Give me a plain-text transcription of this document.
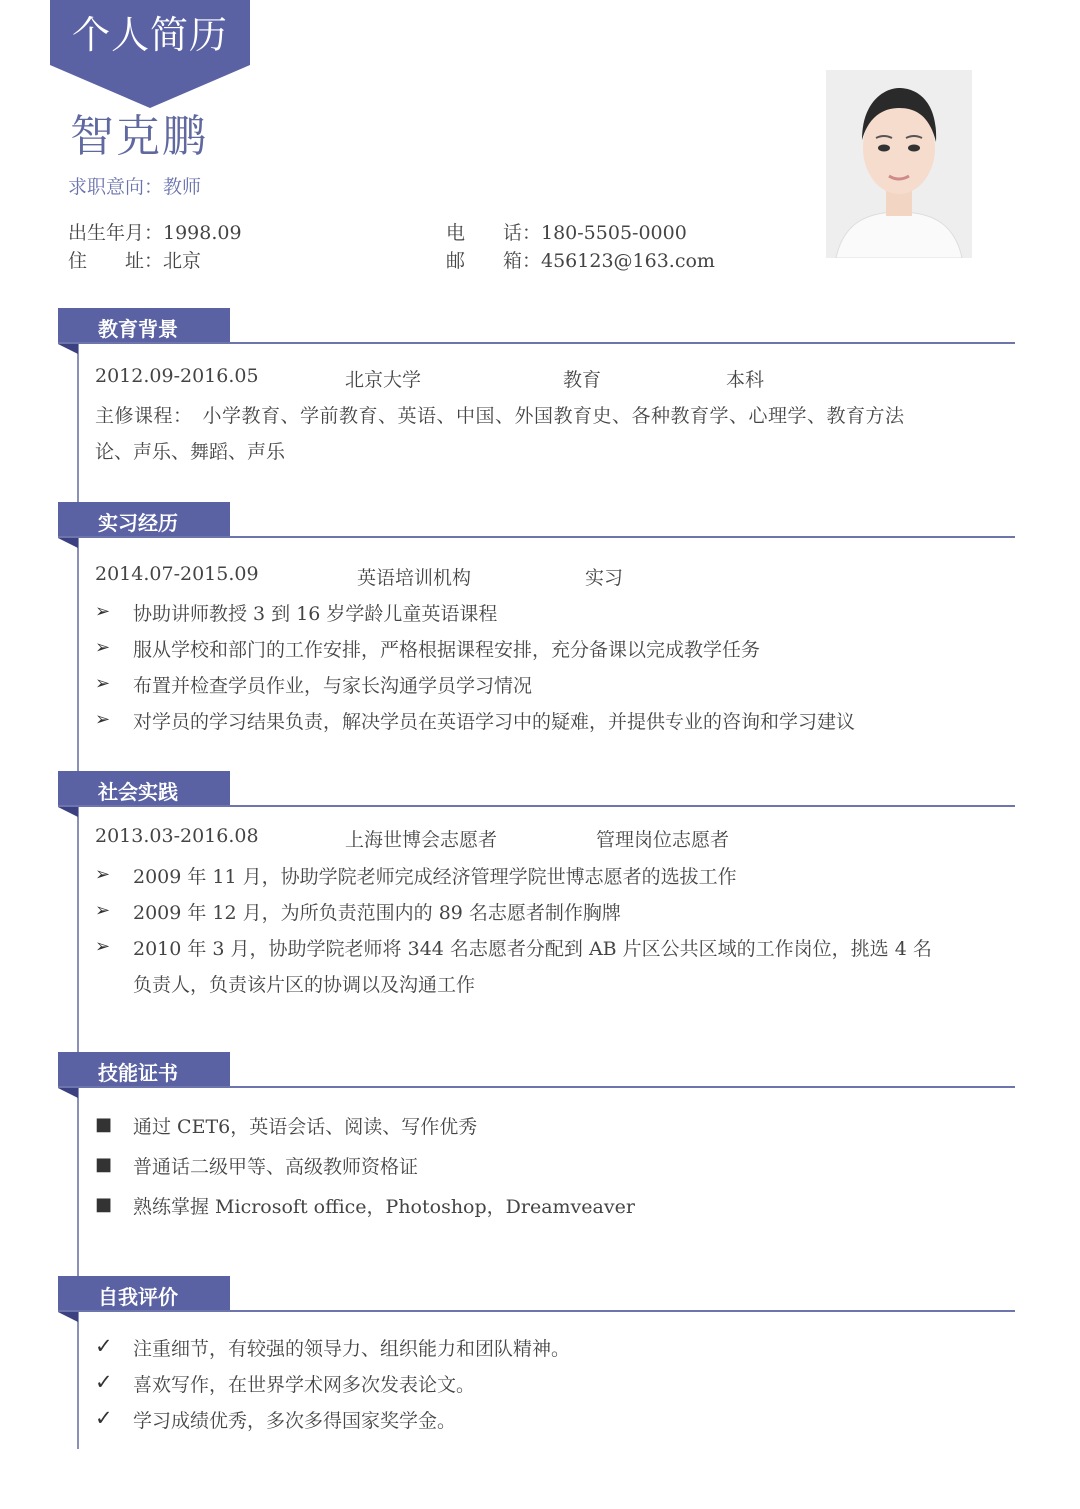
个人简历
智克鹏
求职意向：教师
出生年月：1998.09
住　　址：北京
电　　话：180-5505-0000
邮　　箱：456123@163.com
教育背景
2012.09-2016.05	北京大学	教育	本科
主修课程：　小学教育、学前教育、英语、中国、外国教育史、各种教育学、心理学、教育方法
论、声乐、舞蹈、声乐
实习经历
2014.07-2015.09	英语培训机构	实习
➢ 协助讲师教授 3 到 16 岁学龄儿童英语课程
➢ 服从学校和部门的工作安排，严格根据课程安排，充分备课以完成教学任务
➢ 布置并检查学员作业，与家长沟通学员学习情况
➢ 对学员的学习结果负责，解决学员在英语学习中的疑难，并提供专业的咨询和学习建议
社会实践
2013.03-2016.08	上海世博会志愿者	管理岗位志愿者
➢ 2009 年 11 月，协助学院老师完成经济管理学院世博志愿者的选拔工作
➢ 2009 年 12 月，为所负责范围内的 89 名志愿者制作胸牌
➢ 2010 年 3 月，协助学院老师将 344 名志愿者分配到 AB 片区公共区域的工作岗位，挑选 4 名
负责人，负责该片区的协调以及沟通工作
技能证书
■ 通过 CET6，英语会话、阅读、写作优秀
■ 普通话二级甲等、高级教师资格证
■ 熟练掌握 Microsoft office，Photoshop，Dreamveaver
自我评价
✓ 注重细节，有较强的领导力、组织能力和团队精神。
✓ 喜欢写作，在世界学术网多次发表论文。
✓ 学习成绩优秀，多次多得国家奖学金。
